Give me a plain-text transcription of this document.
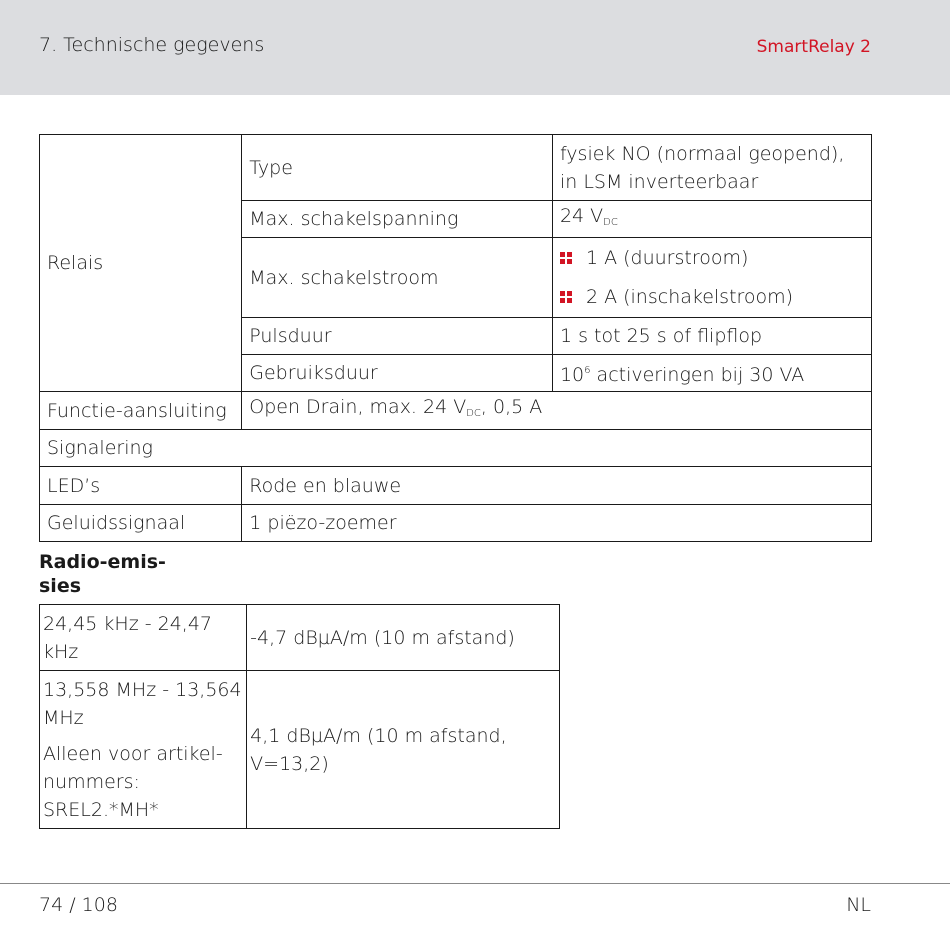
7. Technische gegevens	SmartRelay 2
Relais	Type	fysiek NO (normaal geopend),
in LSM inverteerbaar

	Max. schakelspanning	24 $V_{DC}$
	Max. schakelstroom	1 A (duurstroom)
2 A (inschakelstroom)

	Pulsduur	1 s tot 25 s of flipflop
	Gebruiksduur	$10^6$ activeringen bij 30 VA
Functie-aansluiting	Open Drain, max. 24 $V_{DC}$, 0,5 A	
Signalering		
LED’s	Rode en blauwe	
Geluidssignaal	1 piëzo-zoemer	
Radio-emis-
sies
24,45 kHz - 24,47
kHz	-4,7 dBµA/m (10 m afstand)

13,558 MHz - 13,564
MHz
Alleen voor artikel-
nummers:
SREL2.*MH*	4,1 dBµA/m (10 m afstand,
V=13,2)
74 / 108	NL
